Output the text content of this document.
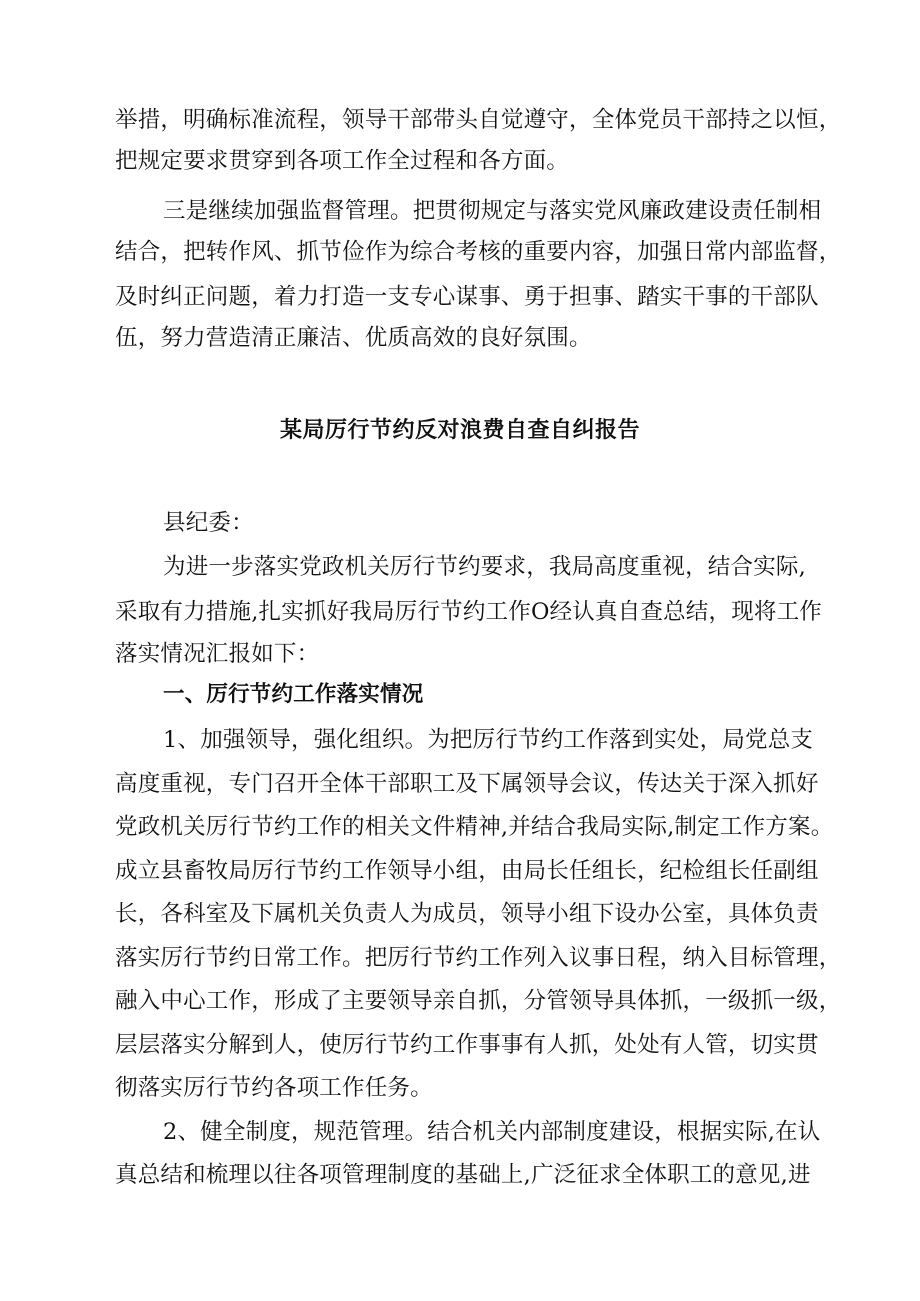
举措，明确标准流程，领导干部带头自觉遵守，全体党员干部持之以恒，
把规定要求贯穿到各项工作全过程和各方面。
三是继续加强监督管理。把贯彻规定与落实党风廉政建设责任制相
结合，把转作风、抓节俭作为综合考核的重要内容，加强日常内部监督，
及时纠正问题，着力打造一支专心谋事、勇于担事、踏实干事的干部队
伍，努力营造清正廉洁、优质高效的良好氛围。
某局厉行节约反对浪费自查自纠报告
县纪委：
为进一步落实党政机关厉行节约要求，我局高度重视，结合实际,
采取有力措施,扎实抓好我局厉行节约工作O经认真自查总结，现将工作
落实情况汇报如下：
一、厉行节约工作落实情况
1、加强领导，强化组织。为把厉行节约工作落到实处，局党总支
高度重视，专门召开全体干部职工及下属领导会议，传达关于深入抓好
党政机关厉行节约工作的相关文件精神,并结合我局实际,制定工作方案。
成立县畜牧局厉行节约工作领导小组，由局长任组长，纪检组长任副组
长，各科室及下属机关负责人为成员，领导小组下设办公室，具体负责
落实厉行节约日常工作。把厉行节约工作列入议事日程，纳入目标管理，
融入中心工作，形成了主要领导亲自抓，分管领导具体抓，一级抓一级，
层层落实分解到人，使厉行节约工作事事有人抓，处处有人管，切实贯
彻落实厉行节约各项工作任务。
2、健全制度，规范管理。结合机关内部制度建设，根据实际,在认
真总结和梳理以往各项管理制度的基础上,广泛征求全体职工的意见,进
